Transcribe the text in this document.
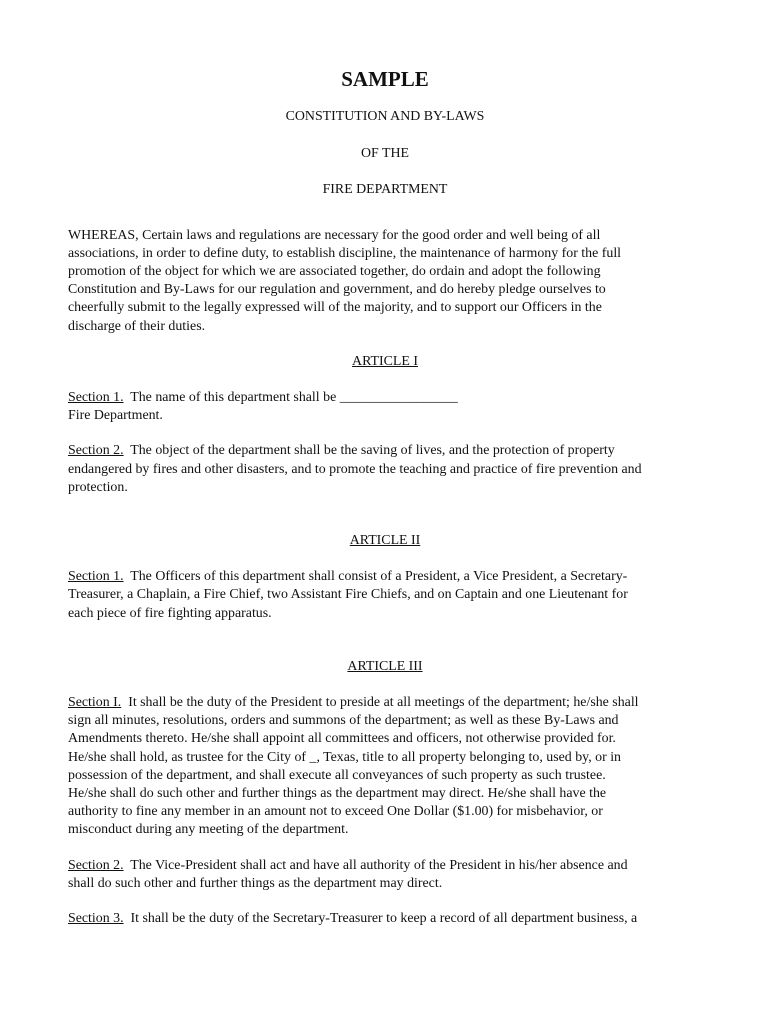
SAMPLE
CONSTITUTION AND BY-LAWS
OF THE
FIRE DEPARTMENT
WHEREAS, Certain laws and regulations are necessary for the good order and well being of all
associations, in order to define duty, to establish discipline, the maintenance of harmony for the full
promotion of the object for which we are associated together, do ordain and adopt the following
Constitution and By-Laws for our regulation and government, and do hereby pledge ourselves to
cheerfully submit to the legally expressed will of the majority, and to support our Officers in the
discharge of their duties.
ARTICLE I
Section 1.  The name of this department shall be _________________
Fire Department.
Section 2.  The object of the department shall be the saving of lives, and the protection of property
endangered by fires and other disasters, and to promote the teaching and practice of fire prevention and
protection.
ARTICLE II
Section 1.  The Officers of this department shall consist of a President, a Vice President, a Secretary-
Treasurer, a Chaplain, a Fire Chief, two Assistant Fire Chiefs, and on Captain and one Lieutenant for
each piece of fire fighting apparatus.
ARTICLE III
Section I.  It shall be the duty of the President to preside at all meetings of the department; he/she shall
sign all minutes, resolutions, orders and summons of the department; as well as these By-Laws and
Amendments thereto. He/she shall appoint all committees and officers, not otherwise provided for.
He/she shall hold, as trustee for the City of _, Texas, title to all property belonging to, used by, or in
possession of the department, and shall execute all conveyances of such property as such trustee.
He/she shall do such other and further things as the department may direct. He/she shall have the
authority to fine any member in an amount not to exceed One Dollar ($1.00) for misbehavior, or
misconduct during any meeting of the department.
Section 2.  The Vice-President shall act and have all authority of the President in his/her absence and
shall do such other and further things as the department may direct.
Section 3.  It shall be the duty of the Secretary-Treasurer to keep a record of all department business, a
